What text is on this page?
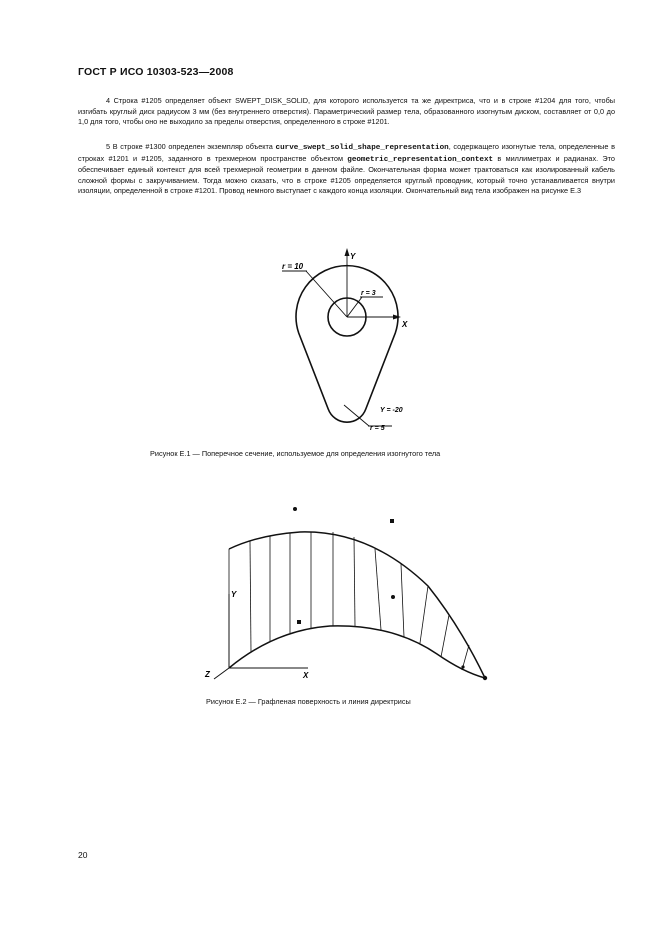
ГОСТ Р ИСО 10303-523—2008
4 Строка #1205 определяет объект SWEPT_DISK_SOLID, для которого используется та же директриса, что и в строке #1204 для того, чтобы изгибать круглый диск радиусом 3 мм (без внутреннего отверстия). Параметрический размер тела, образованного изогнутым диском, составляет от 0,0 до 1,0 для того, чтобы оно не выходило за пределы отверстия, определенного в строке #1201.
5 В строке #1300 определен экземпляр объекта curve_swept_solid_shape_representation, содержащего изогнутые тела, определенные в строках #1201 и #1205, заданного в трехмерном пространстве объектом geometric_representation_context в миллиметрах и радианах. Это обеспечивает единый контекст для всей трехмерной геометрии в данном файле. Окончательная форма может трактоваться как изолированный кабель сложной формы с закручиванием. Тогда можно сказать, что в строке #1205 определяется круглый проводник, который точно устанавливается внутри изоляции, определенной в строке #1201. Провод немного выступает с каждого конца изоляции. Окончательный вид тела изображен на рисунке Е.3
Y
X
r = 10
r = 3
r = 5
Y = -20
Рисунок Е.1 — Поперечное сечение, используемое для определения изогнутого тела
Y
X
Z
Рисунок Е.2 — Графленая поверхность и линия директрисы
20
